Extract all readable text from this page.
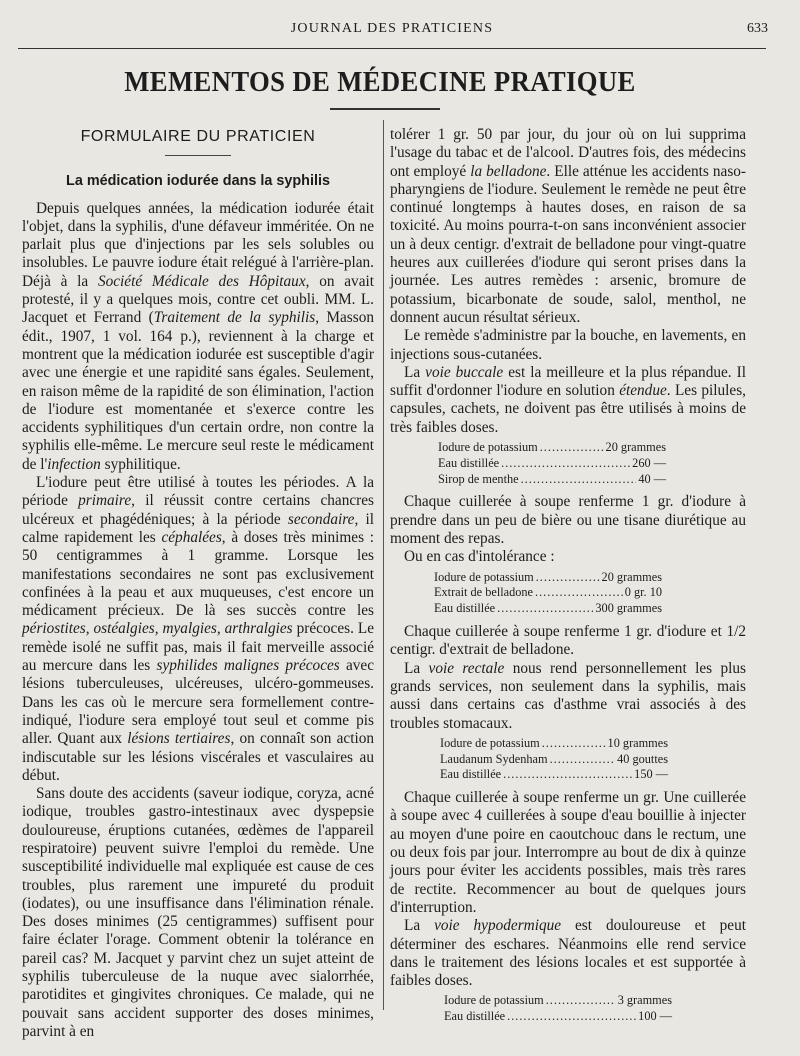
JOURNAL DES PRATICIENS	633
MEMENTOS DE MÉDECINE PRATIQUE
FORMULAIRE DU PRATICIEN
La médication iodurée dans la syphilis

Depuis quelques années, la médication iodurée était l'objet, dans la syphilis, d'une défaveur imméritée. On ne parlait plus que d'injections par les sels solubles ou insolubles. Le pauvre iodure était relégué à l'arrière-plan. Déjà à la Société Médicale des Hôpitaux, on avait protesté, il y a quelques mois, contre cet oubli. MM. L. Jacquet et Ferrand (Traitement de la syphilis, Masson édit., 1907, 1 vol. 164 p.), reviennent à la charge et montrent que la médication iodurée est susceptible d'agir avec une énergie et une rapidité sans égales. Seulement, en raison même de la rapidité de son élimination, l'action de l'iodure est momentanée et s'exerce contre les accidents syphilitiques d'un certain ordre, non contre la syphilis elle-même. Le mercure seul reste le médicament de l'infection syphilitique.

L'iodure peut être utilisé à toutes les périodes. A la période primaire, il réussit contre certains chancres ulcéreux et phagédéniques; à la période secondaire, il calme rapidement les céphalées, à doses très minimes : 50 centigrammes à 1 gramme. Lorsque les manifestations secondaires ne sont pas exclusivement confinées à la peau et aux muqueuses, c'est encore un médicament précieux. De là ses succès contre les périostites, ostéalgies, myalgies, arthralgies précoces. Le remède isolé ne suffit pas, mais il fait merveille associé au mercure dans les syphilides malignes précoces avec lésions tuberculeuses, ulcéreuses, ulcéro-gommeuses. Dans les cas où le mercure sera formellement contre-indiqué, l'iodure sera employé tout seul et comme pis aller. Quant aux lésions tertiaires, on connaît son action indiscutable sur les lésions viscérales et vasculaires au début.

Sans doute des accidents (saveur iodique, coryza, acné iodique, troubles gastro-intestinaux avec dyspepsie douloureuse, éruptions cutanées, œdèmes de l'appareil respiratoire) peuvent suivre l'emploi du remède. Une susceptibilité individuelle mal expliquée est cause de ces troubles, plus rarement une impureté du produit (iodates), ou une insuffisance dans l'élimination rénale. Des doses minimes (25 centigrammes) suffisent pour faire éclater l'orage. Comment obtenir la tolérance en pareil cas? M. Jacquet y parvint chez un sujet atteint de syphilis tuberculeuse de la nuque avec sialorrhée, parotidites et gingivites chroniques. Ce malade, qui ne pouvait sans accident supporter des doses minimes, parvint à en

tolérer 1 gr. 50 par jour, du jour où on lui supprima l'usage du tabac et de l'alcool. D'autres fois, des médecins ont employé la belladone. Elle atténue les accidents naso-pharyngiens de l'iodure. Seulement le remède ne peut être continué longtemps à hautes doses, en raison de sa toxicité. Au moins pourra-t-on sans inconvénient associer un à deux centigr. d'extrait de belladone pour vingt-quatre heures aux cuillerées d'iodure qui seront prises dans la journée. Les autres remèdes : arsenic, bromure de potassium, bicarbonate de soude, salol, menthol, ne donnent aucun résultat sérieux.

Le remède s'administre par la bouche, en lavements, en injections sous-cutanées.

La voie buccale est la meilleure et la plus répandue. Il suffit d'ordonner l'iodure en solution étendue. Les pilules, capsules, cachets, ne doivent pas être utilisés à moins de très faibles doses.

Iodure de potassium .....	20 grammes
Eau distillée .....	260 —
Sirop de menthe .....	40 —

Chaque cuillerée à soupe renferme 1 gr. d'iodure à prendre dans un peu de bière ou une tisane diurétique au moment des repas.

Ou en cas d'intolérance :

Iodure de potassium .....	20 grammes
Extrait de belladone .....	0 gr. 10
Eau distillée .....	300 grammes

Chaque cuillerée à soupe renferme 1 gr. d'iodure et 1/2 centigr. d'extrait de belladone.

La voie rectale nous rend personnellement les plus grands services, non seulement dans la syphilis, mais aussi dans certains cas d'asthme vrai associés à des troubles stomacaux.

Iodure de potassium .....	10 grammes
Laudanum Sydenham .....	40 gouttes
Eau distillée .....	150 —

Chaque cuillerée à soupe renferme un gr. Une cuillerée à soupe avec 4 cuillerées à soupe d'eau bouillie à injecter au moyen d'une poire en caoutchouc dans le rectum, une ou deux fois par jour. Interrompre au bout de dix à quinze jours pour éviter les accidents possibles, mais très rares de rectite. Recommencer au bout de quelques jours d'interruption.

La voie hypodermique est douloureuse et peut déterminer des eschares. Néanmoins elle rend service dans le traitement des lésions locales et est supportée à faibles doses.

Iodure de potassium .....	3 grammes
Eau distillée .....	100 —
